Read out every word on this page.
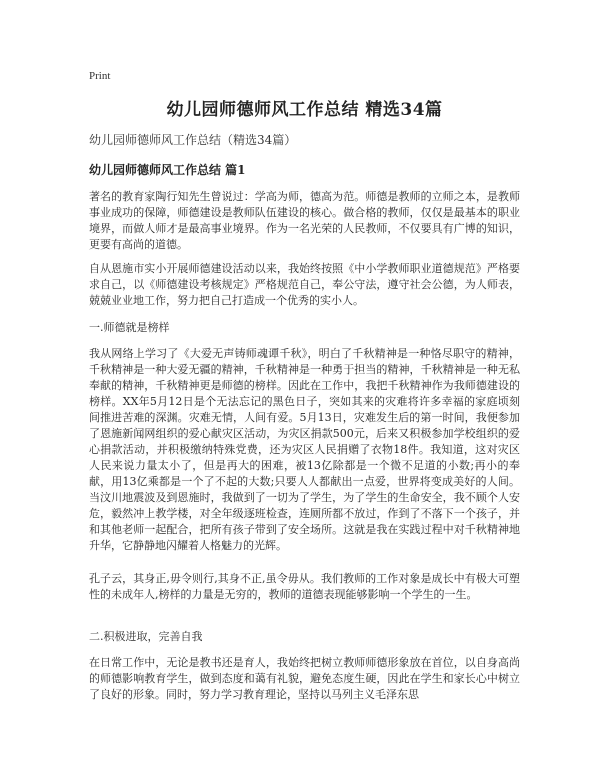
Print
幼儿园师德师风工作总结 精选34篇
幼儿园师德师风工作总结（精选34篇）
幼儿园师德师风工作总结 篇1

著名的教育家陶行知先生曾说过：学高为师，德高为范。师德是教师的立师之本，是教师事业成功的保障，师德建设是教师队伍建设的核心。做合格的教师，仅仅是最基本的职业境界，而做人师才是最高事业境界。作为一名光荣的人民教师，不仅要具有广博的知识，更要有高尚的道德。

自从恩施市实小开展师德建设活动以来，我始终按照《中小学教师职业道德规范》严格要求自己，以《师德建设考核规定》严格规范自己，奉公守法，遵守社会公德，为人师表，兢兢业业地工作，努力把自己打造成一个优秀的实小人。

一.师德就是榜样

我从网络上学习了《大爱无声铸师魂谭千秋》，明白了千秋精神是一种恪尽职守的精神，千秋精神是一种大爱无疆的精神，千秋精神是一种勇于担当的精神，千秋精神是一种无私奉献的精神，千秋精神更是师德的榜样。因此在工作中，我把千秋精神作为我师德建设的榜样。XX年5月12日是个无法忘记的黑色日子，突如其来的灾难将许多幸福的家庭顷刻间推进苦难的深渊。灾难无情，人间有爱。5月13日，灾难发生后的第一时间，我便参加了恩施新闻网组织的爱心献灾区活动，为灾区捐款500元，后来又积极参加学校组织的爱心捐款活动，并积极缴纳特殊党费，还为灾区人民捐赠了衣物18件。我知道，这对灾区人民来说力量太小了，但是再大的困难，被13亿除都是一个微不足道的小数;再小的奉献，用13亿乘都是一个了不起的大数;只要人人都献出一点爱，世界将变成美好的人间。当汶川地震波及到恩施时，我做到了一切为了学生，为了学生的生命安全，我不顾个人安危，毅然冲上教学楼，对全年级逐班检查，连厕所都不放过，作到了不落下一个孩子，并和其他老师一起配合，把所有孩子带到了安全场所。这就是我在实践过程中对千秋精神地升华，它静静地闪耀着人格魅力的光辉。

孔子云，其身正,毋令则行,其身不正,虽令毋从。我们教师的工作对象是成长中有极大可塑性的未成年人,榜样的力量是无穷的，教师的道德表现能够影响一个学生的一生。

二.积极进取，完善自我

在日常工作中，无论是教书还是育人，我始终把树立教师师德形象放在首位，以自身高尚的师德影响教育学生，做到态度和蔼有礼貌，避免态度生硬，因此在学生和家长心中树立了良好的形象。同时，努力学习教育理论，坚持以马列主义毛泽东思
